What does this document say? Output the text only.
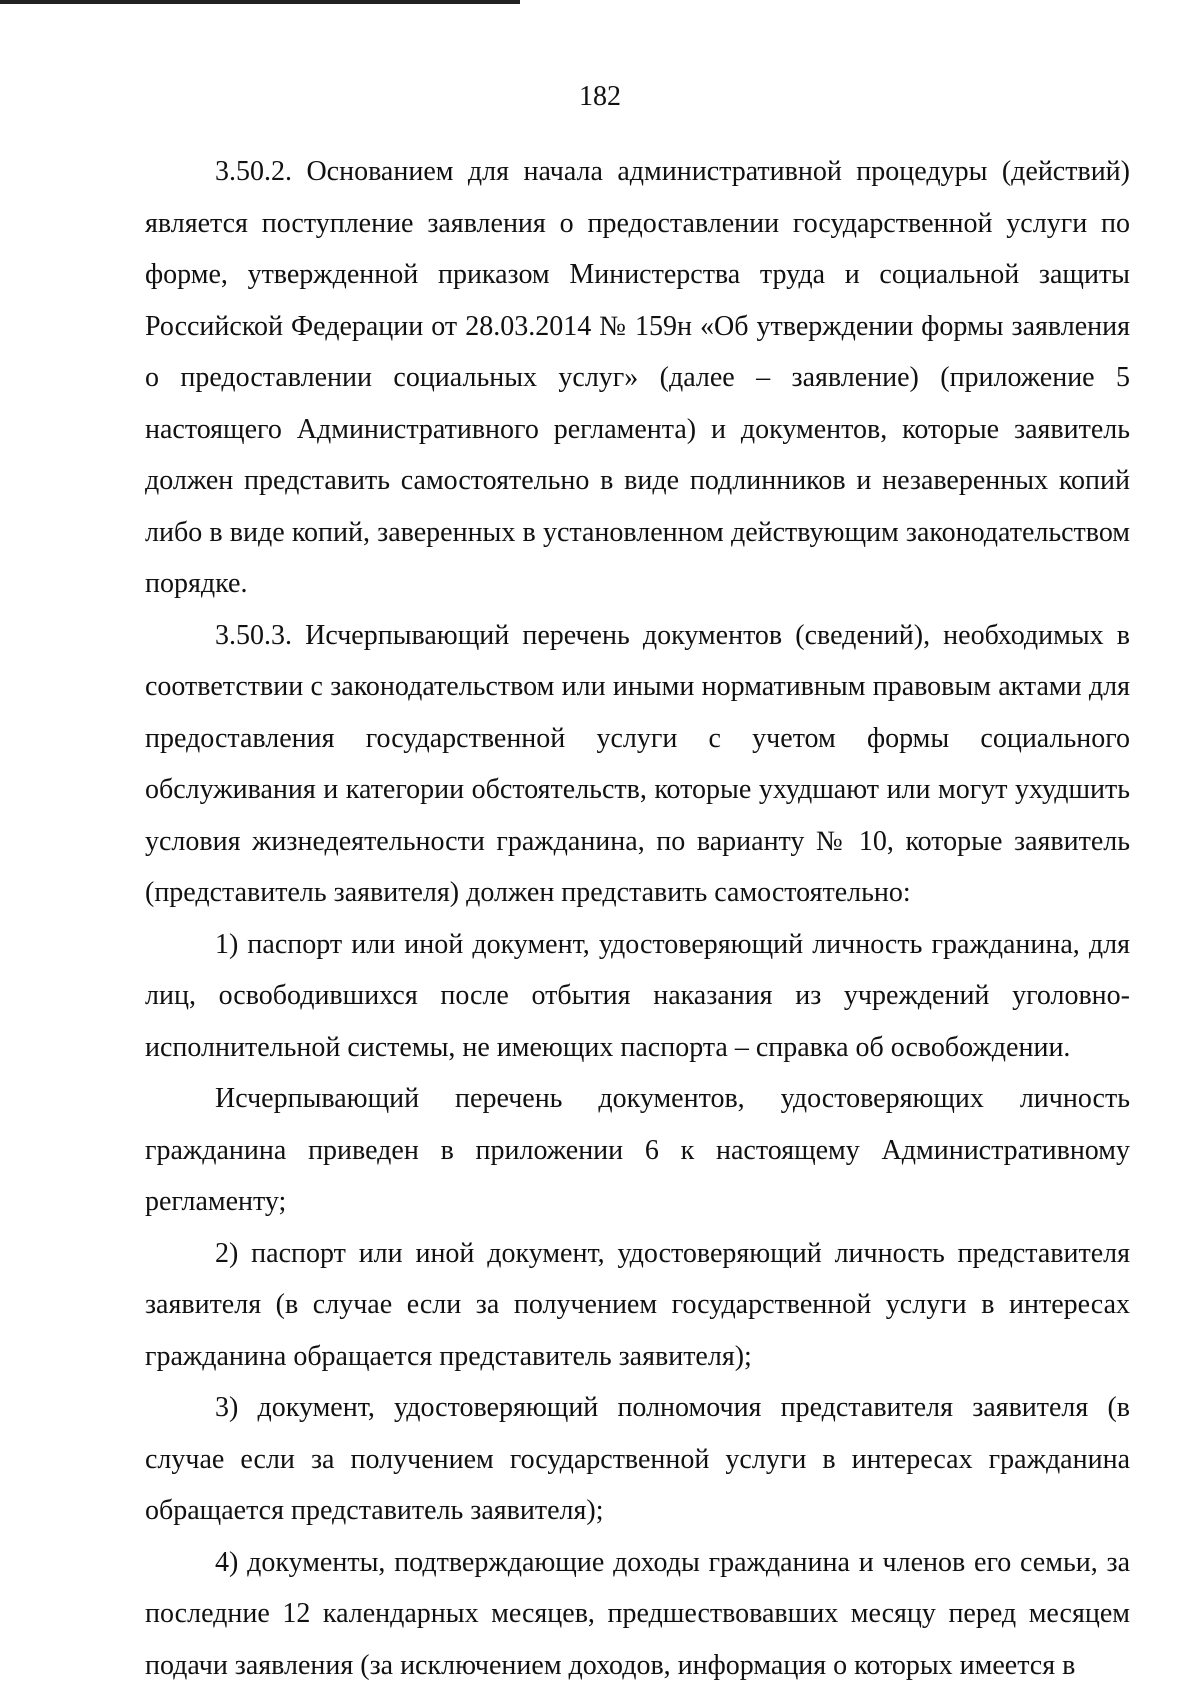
182

3.50.2. Основанием для начала административной процедуры (действий) является поступление заявления о предоставлении государственной услуги по форме, утвержденной приказом Министерства труда и социальной защиты Российской Федерации от 28.03.2014 № 159н «Об утверждении формы заявления о предоставлении социальных услуг» (далее – заявление) (приложение 5 настоящего Административного регламента) и документов, которые заявитель должен представить самостоятельно в виде подлинников и незаверенных копий либо в виде копий, заверенных в установленном действующим законодательством порядке.

3.50.3. Исчерпывающий перечень документов (сведений), необходимых в соответствии с законодательством или иными нормативным правовым актами для предоставления государственной услуги с учетом формы социального обслуживания и категории обстоятельств, которые ухудшают или могут ухудшить условия жизнедеятельности гражданина, по варианту № 10, которые заявитель (представитель заявителя) должен представить самостоятельно:

1) паспорт или иной документ, удостоверяющий личность гражданина, для лиц, освободившихся после отбытия наказания из учреждений уголовно-исполнительной системы, не имеющих паспорта – справка об освобождении.

Исчерпывающий перечень документов, удостоверяющих личность гражданина приведен в приложении 6 к настоящему Административному регламенту;

2) паспорт или иной документ, удостоверяющий личность представителя заявителя (в случае если за получением государственной услуги в интересах гражданина обращается представитель заявителя);

3) документ, удостоверяющий полномочия представителя заявителя (в случае если за получением государственной услуги в интересах гражданина обращается представитель заявителя);

4) документы, подтверждающие доходы гражданина и членов его семьи, за последние 12 календарных месяцев, предшествовавших месяцу перед месяцем подачи заявления (за исключением доходов, информация о которых имеется в
